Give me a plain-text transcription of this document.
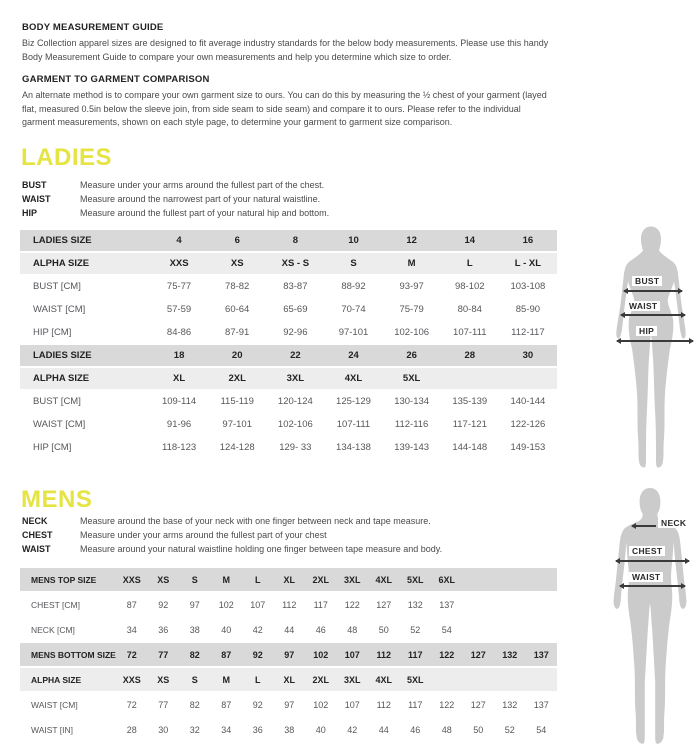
BODY MEASUREMENT GUIDE
Biz Collection apparel sizes are designed to fit average industry standards for the below body measurements. Please use this handy
Body Measurement Guide to compare your own measurements and help you determine which size to order.
GARMENT TO GARMENT COMPARISON
An alternate method is to compare your own garment size to ours. You can do this by measuring the ½ chest of your garment (layed
flat, measured 0.5in below the sleeve join, from side seam to side seam) and compare it to ours. Please refer to the individual
garment measurements, shown on each style page, to determine your garment to garment size comparison.
LADIES
BUST	Measure under your arms around the fullest part of the chest.
WAIST	Measure around the narrowest part of your natural waistline.
HIP	Measure around the fullest part of your natural hip and bottom.
LADIES SIZE	4	6	8	10	12	14	16
ALPHA SIZE	XXS	XS	XS - S	S	M	L	L - XL
BUST [CM]	75-77	78-82	83-87	88-92	93-97	98-102	103-108
WAIST [CM]	57-59	60-64	65-69	70-74	75-79	80-84	85-90
HIP [CM]	84-86	87-91	92-96	97-101	102-106	107-111	112-117
LADIES SIZE	18	20	22	24	26	28	30
ALPHA SIZE	XL	2XL	3XL	4XL	5XL
BUST [CM]	109-114	115-119	120-124	125-129	130-134	135-139	140-144
WAIST [CM]	91-96	97-101	102-106	107-111	112-116	117-121	122-126
HIP [CM]	118-123	124-128	129- 33	134-138	139-143	144-148	149-153
BUST
WAIST
HIP
MENS
NECK	Measure around the base of your neck with one finger between neck and tape measure.
CHEST	Measure under your arms around the fullest part of your chest
WAIST	Measure around your natural waistline holding one finger between tape measure and body.
MENS TOP SIZE	XXS	XS	S	M	L	XL	2XL	3XL	4XL	5XL	6XL
CHEST [CM]	87	92	97	102	107	112	117	122	127	132	137
NECK [CM]	34	36	38	40	42	44	46	48	50	52	54
MENS BOTTOM SIZE	72	77	82	87	92	97	102	107	112	117	122	127	132	137
ALPHA SIZE	XXS	XS	S	M	L	XL	2XL	3XL	4XL	5XL
WAIST [CM]	72	77	82	87	92	97	102	107	112	117	122	127	132	137
WAIST [IN]	28	30	32	34	36	38	40	42	44	46	48	50	52	54
NECK
CHEST
WAIST
